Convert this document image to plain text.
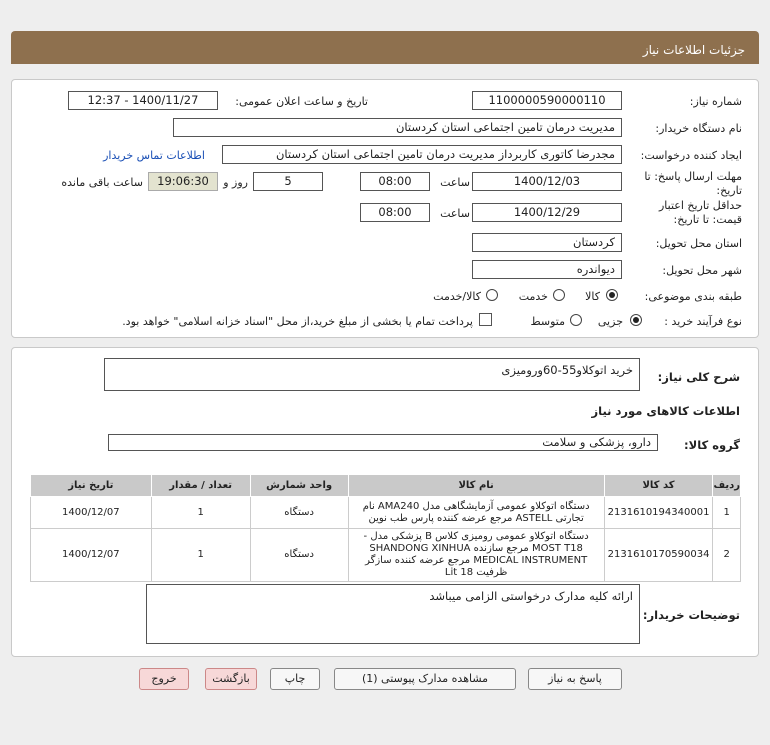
جزئیات اطلاعات نیاز
شماره نیاز:
1100000590000110
تاریخ و ساعت اعلان عمومی:
1400/11/27 - 12:37
نام دستگاه خریدار:
مدیریت درمان تامین اجتماعی استان کردستان
ایجاد کننده درخواست:
مجدرضا کاتوری کاربرداز مدیریت درمان تامین اجتماعی استان کردستان
اطلاعات تماس خریدار
مهلت ارسال پاسخ: تا تاریخ:
1400/12/03
ساعت
08:00
5
روز و
19:06:30
ساعت باقی مانده
حداقل تاریخ اعتبار قیمت: تا تاریخ:
1400/12/29
ساعت
08:00
استان محل تحویل:
کردستان
شهر محل تحویل:
دیواندره
طبقه بندی موضوعی:
کالا
خدمت
کالا/خدمت
نوع فرآیند خرید :
جزیی
متوسط
پرداخت تمام یا بخشی از مبلغ خرید،از محل "اسناد خزانه اسلامی" خواهد بود.
شرح کلی نیاز:
خرید اتوکلاو55-60ورومیزی
اطلاعات کالاهای مورد نیاز
گروه کالا:
دارو، پزشکی و سلامت
ردیف	کد کالا	نام کالا	واحد شمارش	تعداد / مقدار	تاریخ نیاز
1	2131610194340001	دستگاه اتوکلاو عمومی آزمایشگاهی مدل AMA240 نام تجارتی ASTELL مرجع عرضه کننده پارس طب نوین	دستگاه	1	1400/12/07
2	2131610170590034	دستگاه اتوکلاو عمومی رومیزی کلاس B پزشکی مدل -MOST T18 مرجع سازنده SHANDONG XINHUA MEDICAL INSTRUMENT مرجع عرضه کننده سازگر ظرفیت 18 Lit	دستگاه	1	1400/12/07
توضیحات خریدار:
ارائه کلیه مدارک درخواستی الزامی میباشد
پاسخ به نیاز
مشاهده مدارک پیوستی (1)
چاپ
بازگشت
خروج
